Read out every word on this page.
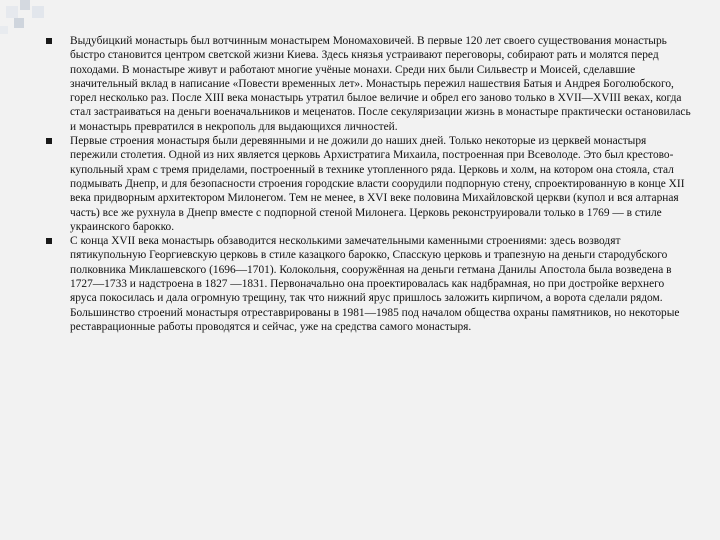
Выдубицкий монастырь был вотчинным монастырем Мономаховичей. В первые 120 лет своего существования монастырь быстро становится центром светской жизни Киева. Здесь князья устраивают переговоры, собирают рать и молятся перед походами. В монастыре живут и работают многие учёные монахи. Среди них были Сильвестр и Моисей, сделавшие значительный вклад в написание «Повести временных лет». Монастырь пережил нашествия Батыя и Андрея Боголюбского, горел несколько раз. После XIII века монастырь утратил былое величие и обрел его заново только в XVII—XVIII веках, когда стал застраиваться на деньги военачальников и меценатов. После секуляризации жизнь в монастыре практически остановилась и монастырь превратился в некрополь для выдающихся личностей.
Первые строения монастыря были деревянными и не дожили до наших дней. Только некоторые из церквей монастыря пережили столетия. Одной из них является церковь Архистратига Михаила, построенная при Всеволоде. Это был крестово-купольный храм с тремя приделами, построенный в технике утопленного ряда. Церковь и холм, на котором она стояла, стал подмывать Днепр, и для безопасности строения городские власти соорудили подпорную стену, спроектированную в конце XII века придворным архитектором Милонегом. Тем не менее, в XVI веке половина Михайловской церкви (купол и вся алтарная часть) все же рухнула в Днепр вместе с подпорной стеной Милонега. Церковь реконструировали только в 1769 — в стиле украинского барокко.
С конца XVII века монастырь обзаводится несколькими замечательными каменными строениями: здесь возводят пятикупольную Георгиевскую церковь в стиле казацкого барокко, Спасскую церковь и трапезную на деньги стародубского полковника Миклашевского (1696—1701). Колокольня, сооружённая на деньги гетмана Данилы Апостола была возведена в 1727—1733 и надстроена в 1827 —1831. Первоначально она проектировалась как надбрамная, но при достройке верхнего яруса покосилась и дала огромную трещину, так что нижний ярус пришлось заложить кирпичом, а ворота сделали рядом. Большинство строений монастыря отреставрированы в 1981—1985 под началом общества охраны памятников, но некоторые реставрационные работы проводятся и сейчас, уже на средства самого монастыря.
